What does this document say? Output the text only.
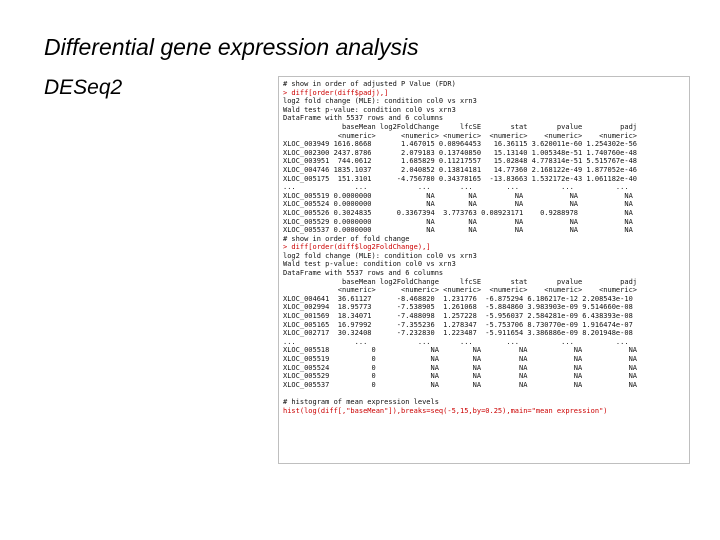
Differential gene expression analysis
DESeq2	# show in order of adjusted P Value (FDR)
> diff[order(diff$padj),]
log2 fold change (MLE): condition col0 vs xrn3
Wald test p-value: condition col0 vs xrn3
DataFrame with 5537 rows and 6 columns
baseMean log2FoldChange     lfcSE       stat       pvalue         padj
<numeric>      <numeric> <numeric>  <numeric>    <numeric>    <numeric>
XLOC_003949 1616.8668       1.467015 0.08964453   16.36115 3.620011e-60 1.254302e-56
XLOC_002300 2437.8786       2.079183 0.13740850   15.13140 1.005348e-51 1.740760e-48
XLOC_003951  744.0612       1.685829 0.11217557   15.02848 4.778314e-51 5.515767e-48
XLOC_004746 1835.1037       2.040852 0.13814181   14.77360 2.168122e-49 1.877052e-46
XLOC_005175  151.3101      -4.756780 0.34378165  -13.83663 1.532172e-43 1.061182e-40
...              ...            ...       ...        ...          ...          ...
XLOC_005519 0.0000000             NA        NA         NA           NA           NA
XLOC_005524 0.0000000             NA        NA         NA           NA           NA
XLOC_005526 0.3024835      0.3367394  3.773763 0.08923171    0.9288978           NA
XLOC_005529 0.0000000             NA        NA         NA           NA           NA
XLOC_005537 0.0000000             NA        NA         NA           NA           NA
# show in order of fold change
> diff[order(diff$log2FoldChange),]
log2 fold change (MLE): condition col0 vs xrn3
Wald test p-value: condition col0 vs xrn3
DataFrame with 5537 rows and 6 columns
baseMean log2FoldChange     lfcSE       stat       pvalue         padj
<numeric>      <numeric> <numeric>  <numeric>    <numeric>    <numeric>
XLOC_004641  36.61127      -8.468820  1.231776  -6.875294 6.186217e-12 2.208543e-10
XLOC_002994  18.95773      -7.538905  1.261068  -5.884860 3.983903e-09 9.514660e-08
XLOC_001569  18.34071      -7.488098  1.257228  -5.956037 2.584281e-09 6.438393e-08
XLOC_005165  16.97992      -7.355236  1.278347  -5.753706 8.730770e-09 1.916474e-07
XLOC_002717  30.32408      -7.232830  1.223487  -5.911654 3.386886e-09 8.201948e-08
...              ...            ...       ...        ...          ...          ...
XLOC_005518          0             NA        NA         NA           NA           NA
XLOC_005519          0             NA        NA         NA           NA           NA
XLOC_005524          0             NA        NA         NA           NA           NA
XLOC_005529          0             NA        NA         NA           NA           NA
XLOC_005537          0             NA        NA         NA           NA           NA
# histogram of mean expression levels
hist(log(diff[,"baseMean"]),breaks=seq(-5,15,by=0.25),main="mean expression")
